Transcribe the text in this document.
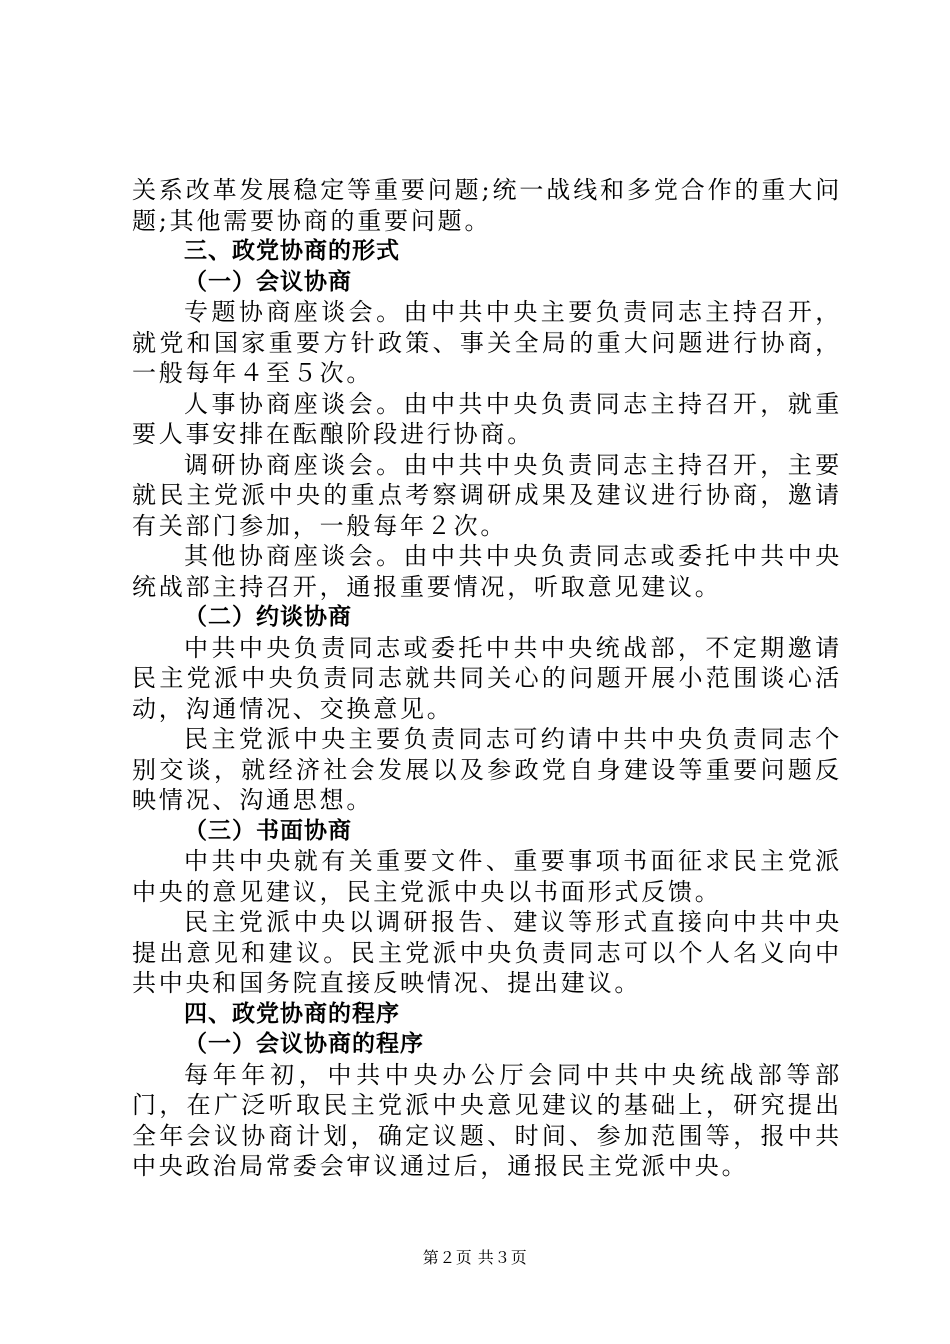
关系改革发展稳定等重要问题;统一战线和多党合作的重大问题;其他需要协商的重要问题。

三、政党协商的形式

（一）会议协商

专题协商座谈会。由中共中央主要负责同志主持召开，就党和国家重要方针政策、事关全局的重大问题进行协商，一般每年４至５次。

人事协商座谈会。由中共中央负责同志主持召开，就重要人事安排在酝酿阶段进行协商。

调研协商座谈会。由中共中央负责同志主持召开，主要就民主党派中央的重点考察调研成果及建议进行协商，邀请有关部门参加，一般每年２次。

其他协商座谈会。由中共中央负责同志或委托中共中央统战部主持召开，通报重要情况，听取意见建议。

（二）约谈协商

中共中央负责同志或委托中共中央统战部，不定期邀请民主党派中央负责同志就共同关心的问题开展小范围谈心活动，沟通情况、交换意见。

民主党派中央主要负责同志可约请中共中央负责同志个别交谈，就经济社会发展以及参政党自身建设等重要问题反映情况、沟通思想。

（三）书面协商

中共中央就有关重要文件、重要事项书面征求民主党派中央的意见建议，民主党派中央以书面形式反馈。

民主党派中央以调研报告、建议等形式直接向中共中央提出意见和建议。民主党派中央负责同志可以个人名义向中共中央和国务院直接反映情况、提出建议。

四、政党协商的程序

（一）会议协商的程序

每年年初，中共中央办公厅会同中共中央统战部等部门，在广泛听取民主党派中央意见建议的基础上，研究提出全年会议协商计划，确定议题、时间、参加范围等，报中共中央政治局常委会审议通过后，通报民主党派中央。

第２页 共３页
